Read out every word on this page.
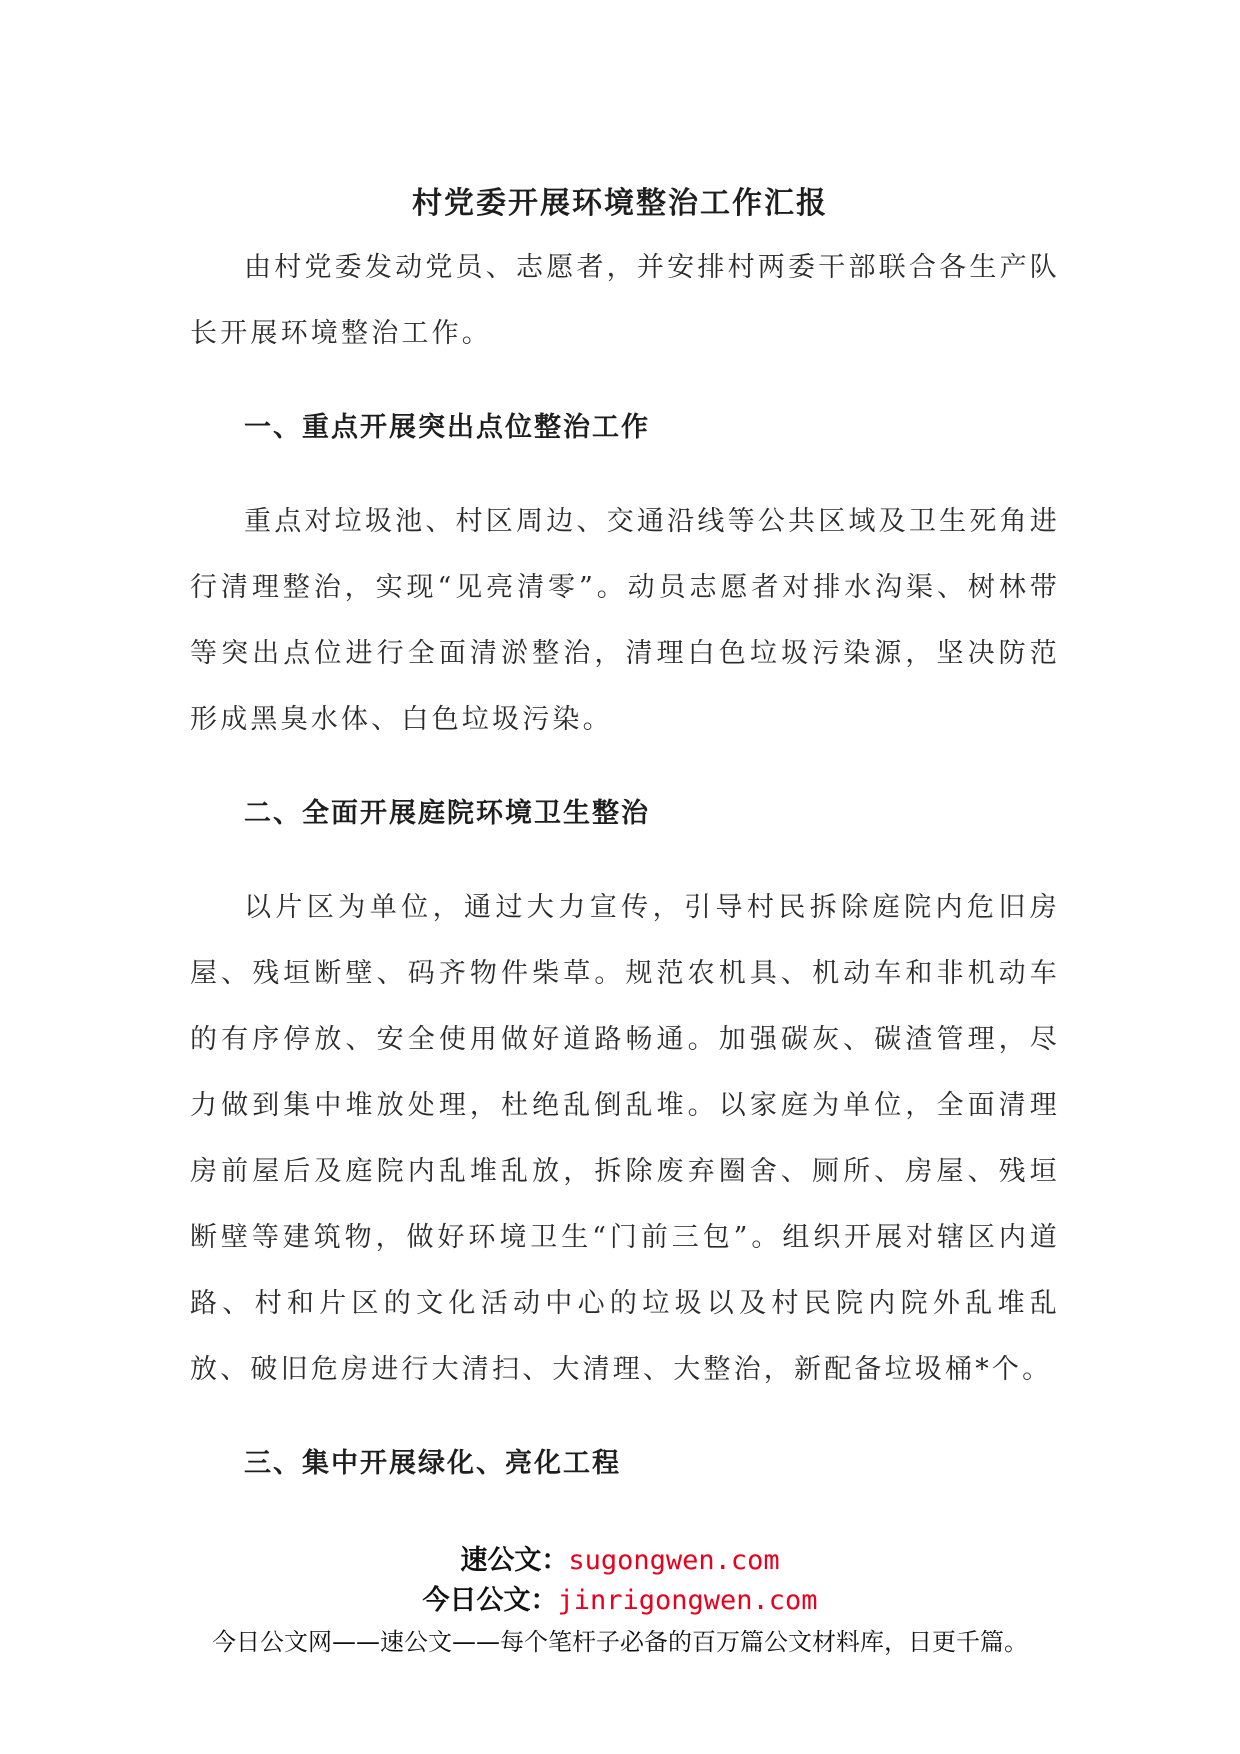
村党委开展环境整治工作汇报

由村党委发动党员、志愿者，并安排村两委干部联合各生产队长开展环境整治工作。

一、重点开展突出点位整治工作

重点对垃圾池、村区周边、交通沿线等公共区域及卫生死角进行清理整治，实现“见亮清零”。动员志愿者对排水沟渠、树林带等突出点位进行全面清淤整治，清理白色垃圾污染源，坚决防范形成黑臭水体、白色垃圾污染。

二、全面开展庭院环境卫生整治

以片区为单位，通过大力宣传，引导村民拆除庭院内危旧房屋、残垣断壁、码齐物件柴草。规范农机具、机动车和非机动车的有序停放、安全使用做好道路畅通。加强碳灰、碳渣管理，尽力做到集中堆放处理，杜绝乱倒乱堆。以家庭为单位，全面清理房前屋后及庭院内乱堆乱放，拆除废弃圈舍、厕所、房屋、残垣断壁等建筑物，做好环境卫生“门前三包”。组织开展对辖区内道路、村和片区的文化活动中心的垃圾以及村民院内院外乱堆乱放、破旧危房进行大清扫、大清理、大整治，新配备垃圾桶*个。

三、集中开展绿化、亮化工程

速公文：sugongwen.com
今日公文：jinrigongwen.com
今日公文网——速公文——每个笔杆子必备的百万篇公文材料库，日更千篇。
